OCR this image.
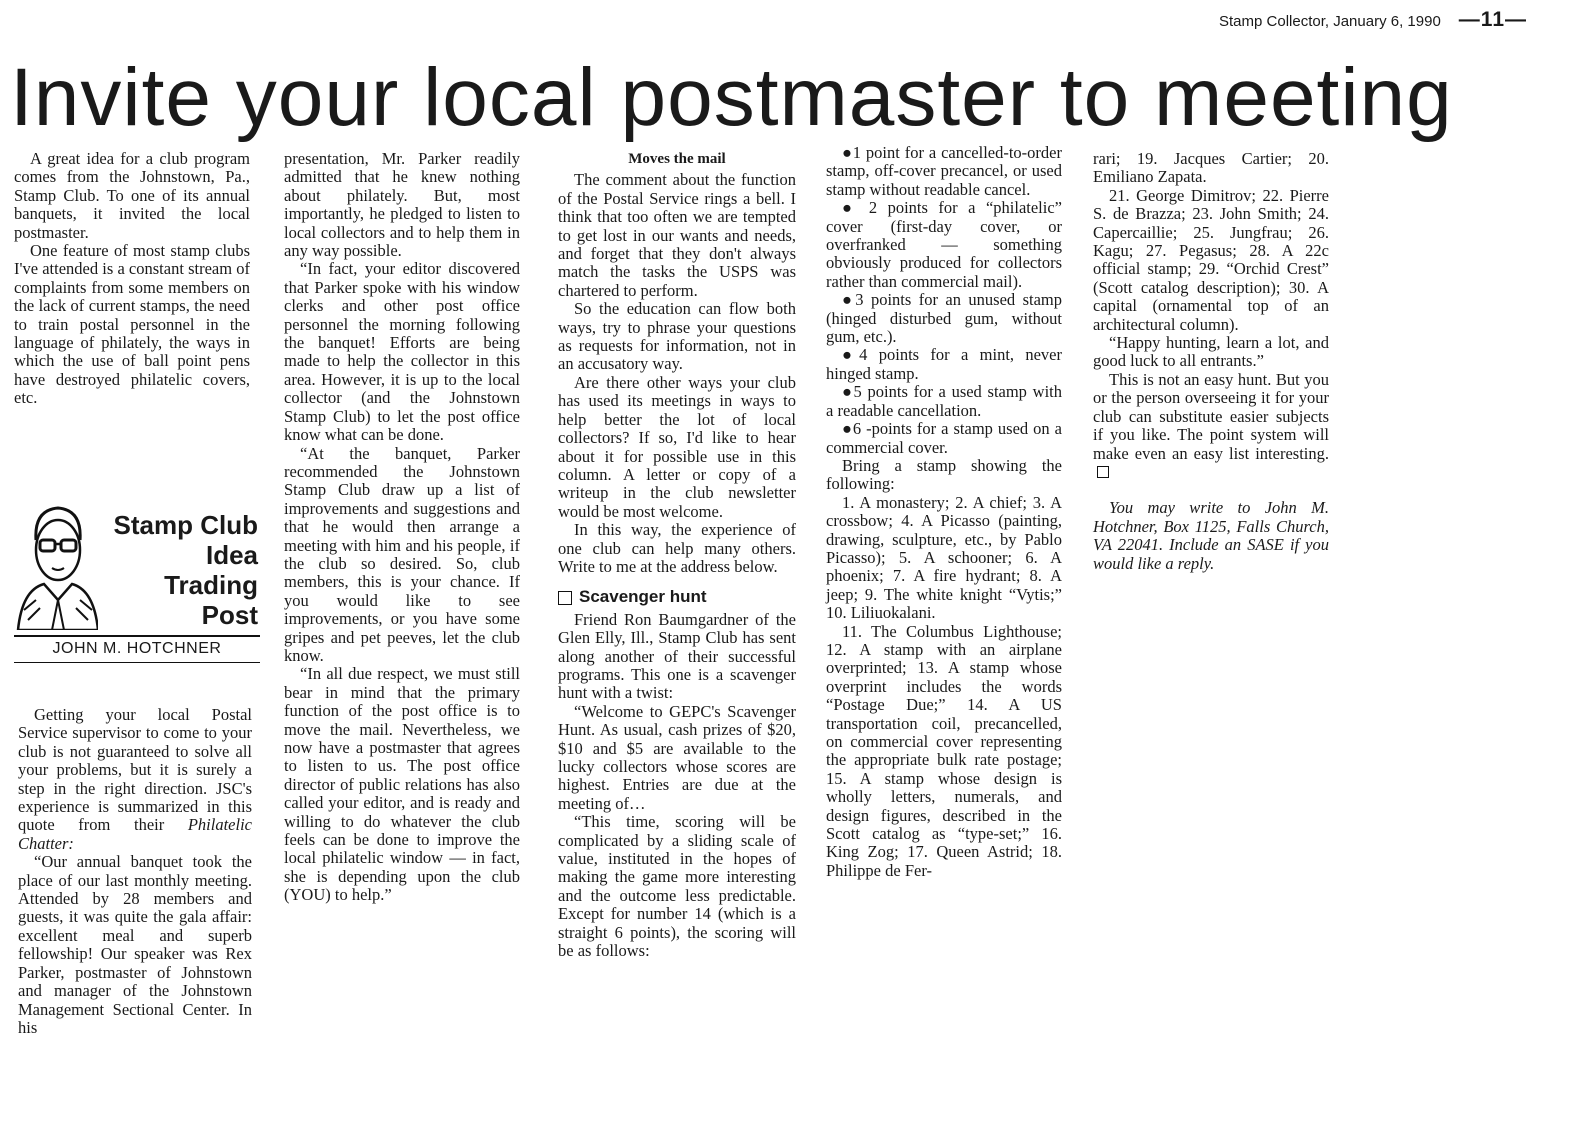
Stamp Collector, January 6, 1990 —11—
Invite your local postmaster to meeting

A great idea for a club program comes from the Johnstown, Pa., Stamp Club. To one of its annual banquets, it invited the local postmaster.

One feature of most stamp clubs I've attended is a constant stream of complaints from some members on the lack of current stamps, the need to train postal personnel in the language of philately, the ways in which the use of ball point pens have destroyed philatelic covers, etc.

Stamp Club
Idea
Trading
Post
JOHN M. HOTCHNER

Getting your local Postal Service supervisor to come to your club is not guaranteed to solve all your problems, but it is surely a step in the right direction. JSC's experience is summarized in this quote from their Philatelic Chatter:

“Our annual banquet took the place of our last monthly meeting. Attended by 28 members and guests, it was quite the gala affair: excellent meal and superb fellowship! Our speaker was Rex Parker, postmaster of Johnstown and manager of the Johnstown Management Sectional Center. In his

presentation, Mr. Parker readily admitted that he knew nothing about philately. But, most importantly, he pledged to listen to local collectors and to help them in any way possible.

“In fact, your editor discovered that Parker spoke with his window clerks and other post office personnel the morning following the banquet! Efforts are being made to help the collector in this area. However, it is up to the local collector (and the Johnstown Stamp Club) to let the post office know what can be done.

“At the banquet, Parker recommended the Johnstown Stamp Club draw up a list of improvements and suggestions and that he would then arrange a meeting with him and his people, if the club so desired. So, club members, this is your chance. If you would like to see improvements, or you have some gripes and pet peeves, let the club know.

“In all due respect, we must still bear in mind that the primary function of the post office is to move the mail. Nevertheless, we now have a postmaster that agrees to listen to us. The post office director of public relations has also called your editor, and is ready and willing to do whatever the club feels can be done to improve the local philatelic window — in fact, she is depending upon the club (YOU) to help.”

Moves the mail

The comment about the function of the Postal Service rings a bell. I think that too often we are tempted to get lost in our wants and needs, and forget that they don't always match the tasks the USPS was chartered to perform.

So the education can flow both ways, try to phrase your questions as requests for information, not in an accusatory way.

Are there other ways your club has used its meetings in ways to help better the lot of local collectors? If so, I'd like to hear about it for possible use in this column. A letter or copy of a writeup in the club newsletter would be most welcome.

In this way, the experience of one club can help many others. Write to me at the address below.

Scavenger hunt

Friend Ron Baumgardner of the Glen Elly, Ill., Stamp Club has sent along another of their successful programs. This one is a scavenger hunt with a twist:

“Welcome to GEPC's Scavenger Hunt. As usual, cash prizes of $20, $10 and $5 are available to the lucky collectors whose scores are highest. Entries are due at the meeting of…

“This time, scoring will be complicated by a sliding scale of value, instituted in the hopes of making the game more interesting and the outcome less predictable. Except for number 14 (which is a straight 6 points), the scoring will be as follows:

●1 point for a cancelled-to-order stamp, off-cover precancel, or used stamp without readable cancel.

● 2 points for a “philatelic” cover (first-day cover, or overfranked — something obviously produced for collectors rather than commercial mail).

●3 points for an unused stamp (hinged disturbed gum, without gum, etc.).

●4 points for a mint, never hinged stamp.

●5 points for a used stamp with a readable cancellation.

●6 -points for a stamp used on a commercial cover.

Bring a stamp showing the following:

1. A monastery; 2. A chief; 3. A crossbow; 4. A Picasso (painting, drawing, sculpture, etc., by Pablo Picasso); 5. A schooner; 6. A phoenix; 7. A fire hydrant; 8. A jeep; 9. The white knight “Vytis;” 10. Liliuokalani.

11. The Columbus Lighthouse; 12. A stamp with an airplane overprinted; 13. A stamp whose overprint includes the words “Postage Due;” 14. A US transportation coil, precancelled, on commercial cover representing the appropriate bulk rate postage; 15. A stamp whose design is wholly letters, numerals, and design figures, described in the Scott catalog as “type-set;” 16. King Zog; 17. Queen Astrid; 18. Philippe de Fer-

rari; 19. Jacques Cartier; 20. Emiliano Zapata.

21. George Dimitrov; 22. Pierre S. de Brazza; 23. John Smith; 24. Capercaillie; 25. Jungfrau; 26. Kagu; 27. Pegasus; 28. A 22c official stamp; 29. “Orchid Crest” (Scott catalog description); 30. A capital (ornamental top of an architectural column).

“Happy hunting, learn a lot, and good luck to all entrants.”

This is not an easy hunt. But you or the person overseeing it for your club can substitute easier subjects if you like. The point system will make even an easy list interesting.

You may write to John M. Hotchner, Box 1125, Falls Church, VA 22041. Include an SASE if you would like a reply.
